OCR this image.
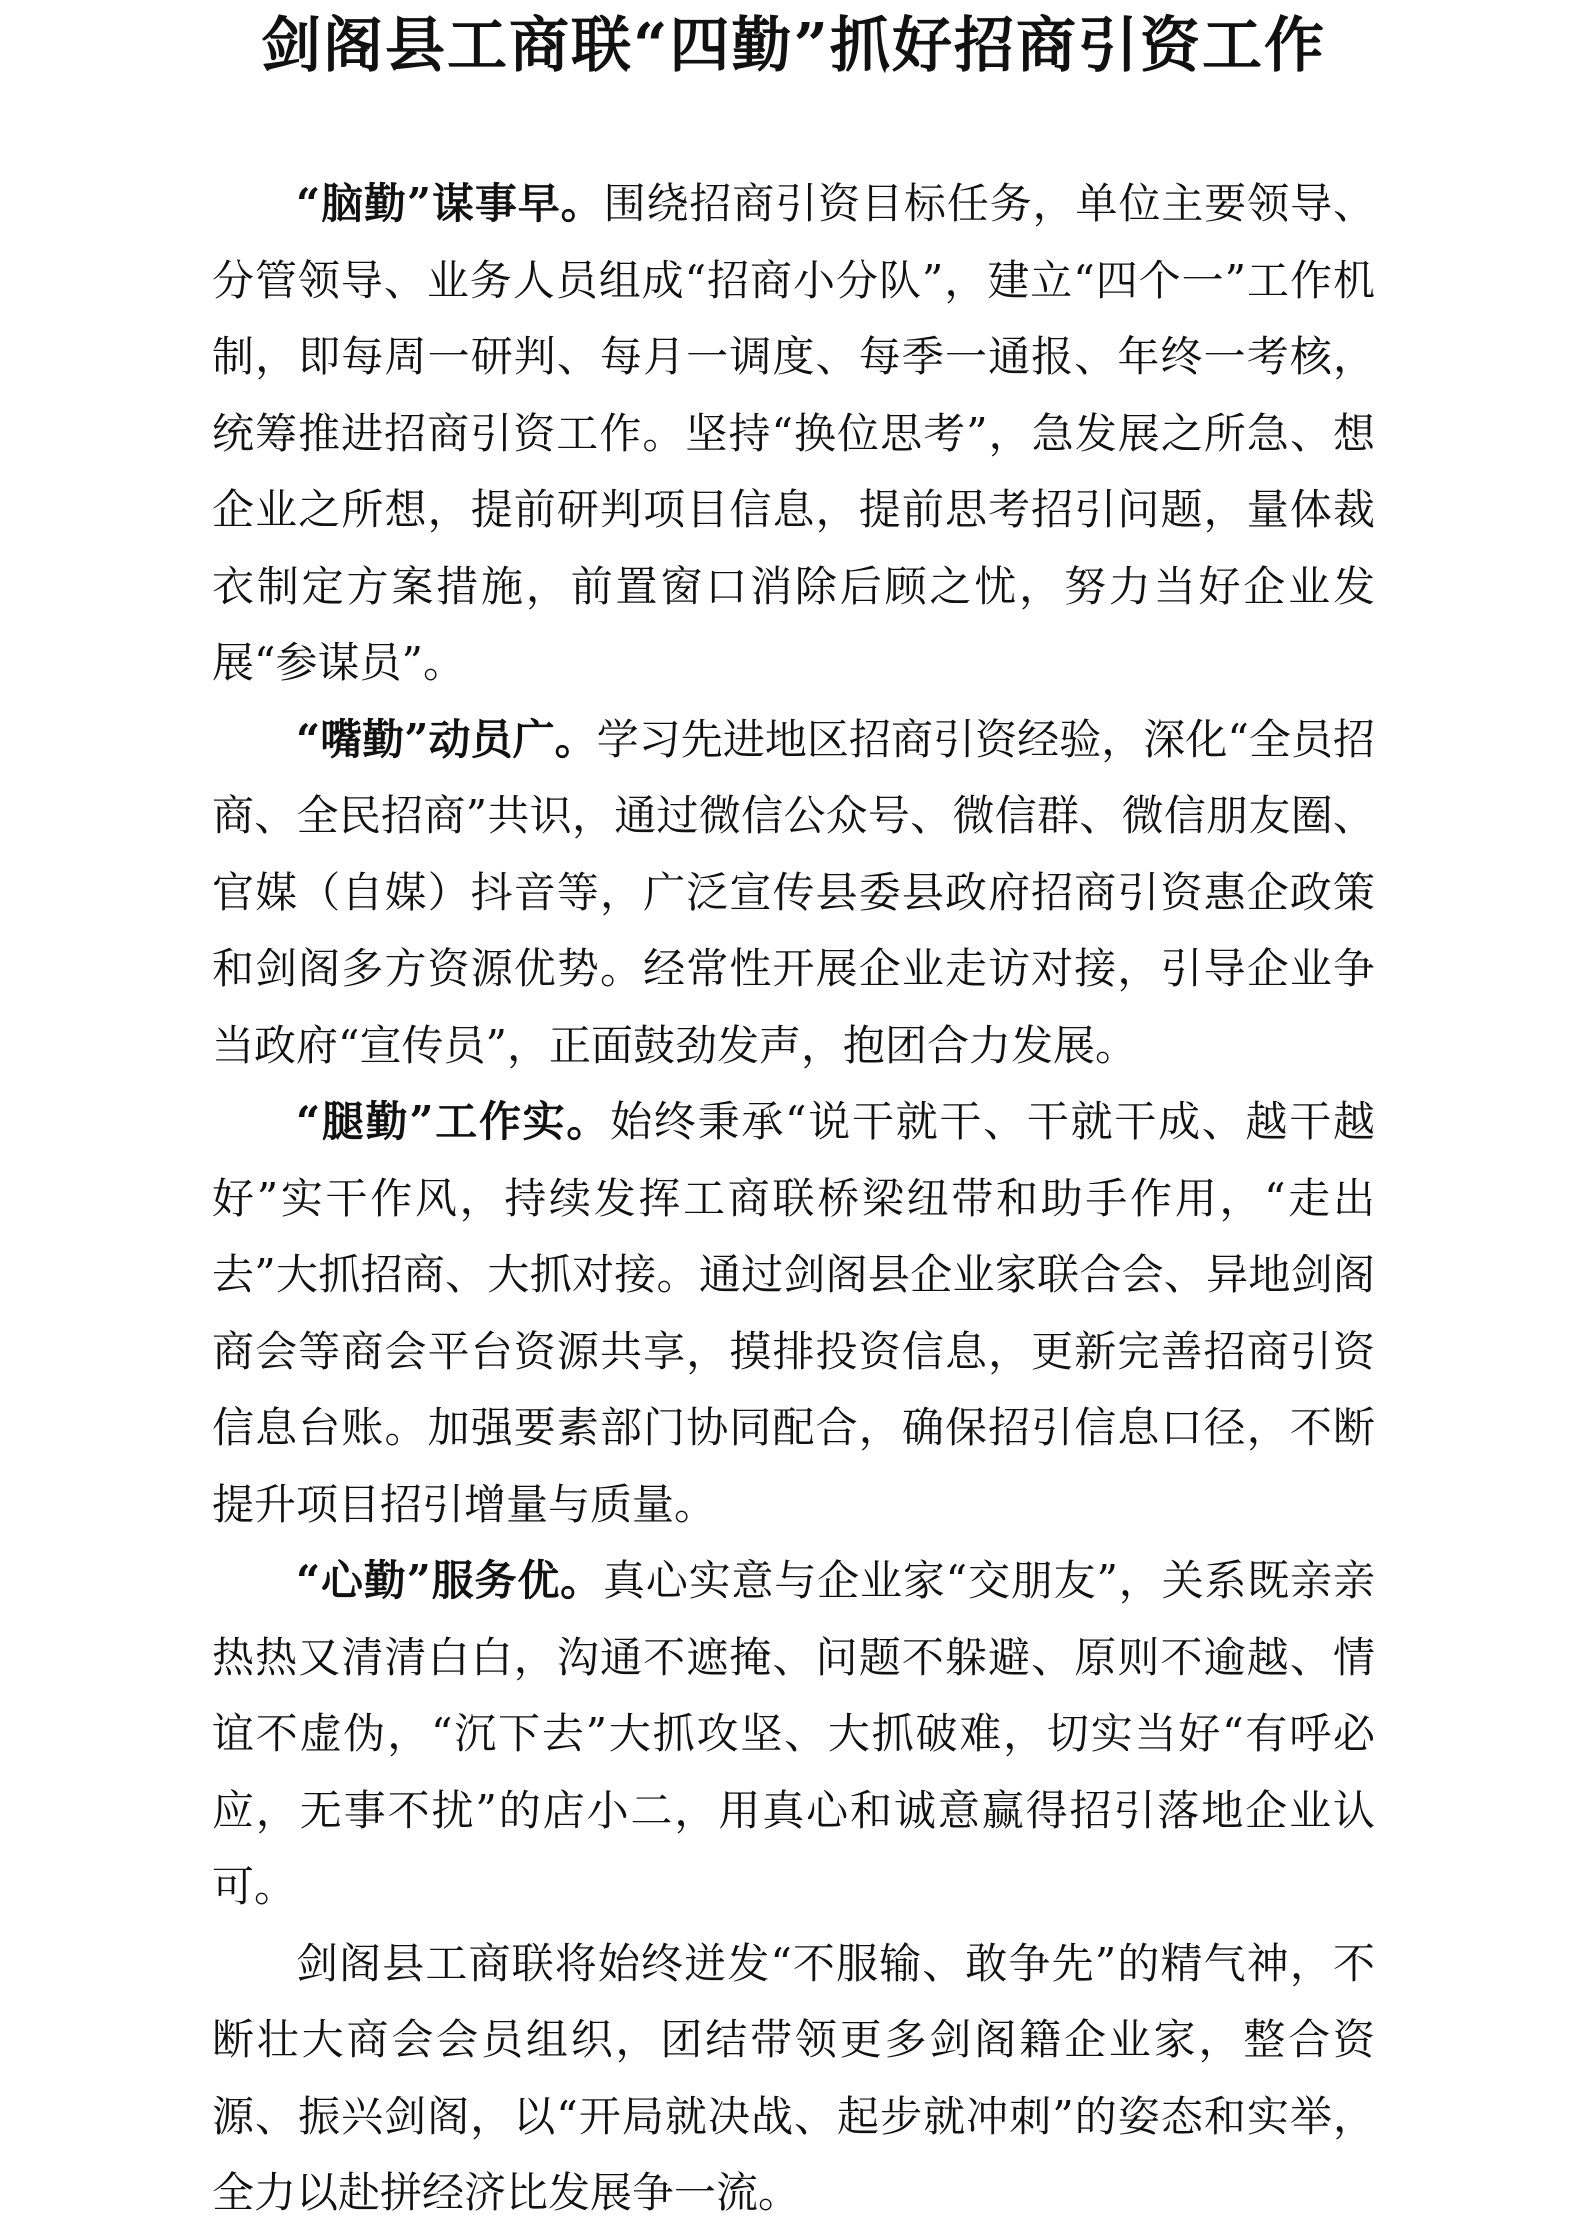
剑阁县工商联“四勤”抓好招商引资工作

“脑勤”谋事早。围绕招商引资目标任务，单位主要领导、分管领导、业务人员组成“招商小分队”，建立“四个一”工作机制，即每周一研判、每月一调度、每季一通报、年终一考核，统筹推进招商引资工作。坚持“换位思考”，急发展之所急、想企业之所想，提前研判项目信息，提前思考招引问题，量体裁衣制定方案措施，前置窗口消除后顾之忧，努力当好企业发展“参谋员”。

“嘴勤”动员广。学习先进地区招商引资经验，深化“全员招商、全民招商”共识，通过微信公众号、微信群、微信朋友圈、官媒（自媒）抖音等，广泛宣传县委县政府招商引资惠企政策和剑阁多方资源优势。经常性开展企业走访对接，引导企业争当政府“宣传员”，正面鼓劲发声，抱团合力发展。

“腿勤”工作实。始终秉承“说干就干、干就干成、越干越好”实干作风，持续发挥工商联桥梁纽带和助手作用，“走出去”大抓招商、大抓对接。通过剑阁县企业家联合会、异地剑阁商会等商会平台资源共享，摸排投资信息，更新完善招商引资信息台账。加强要素部门协同配合，确保招引信息口径，不断提升项目招引增量与质量。

“心勤”服务优。真心实意与企业家“交朋友”，关系既亲亲热热又清清白白，沟通不遮掩、问题不躲避、原则不逾越、情谊不虚伪，“沉下去”大抓攻坚、大抓破难，切实当好“有呼必应，无事不扰”的店小二，用真心和诚意赢得招引落地企业认可。

剑阁县工商联将始终迸发“不服输、敢争先”的精气神，不断壮大商会会员组织，团结带领更多剑阁籍企业家，整合资源、振兴剑阁，以“开局就决战、起步就冲刺”的姿态和实举，全力以赴拼经济比发展争一流。
